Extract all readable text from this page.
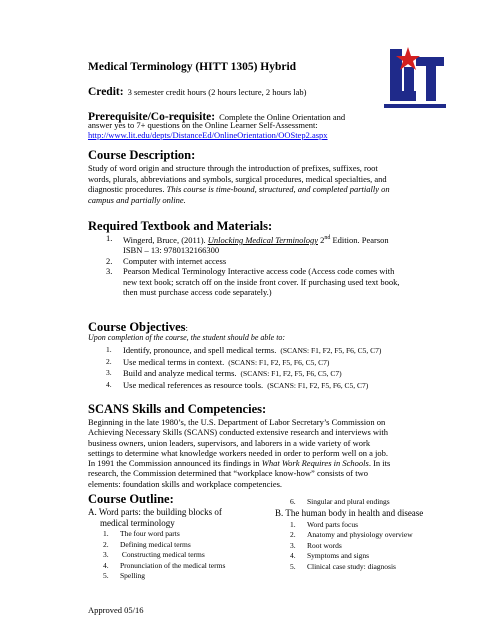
Medical Terminology (HITT 1305) Hybrid
Credit: 3 semester credit hours (2 hours lecture, 2 hours lab)
Prerequisite/Co-requisite: Complete the Online Orientation and
answer yes to 7+ questions on the Online Learner Self-Assessment:
http://www.lit.edu/depts/DistanceEd/OnlineOrientation/OOStep2.aspx
Course Description:
Study of word origin and structure through the introduction of prefixes, suffixes, root
words, plurals, abbreviations and symbols, surgical procedures, medical specialties, and
diagnostic procedures. This course is time-bound, structured, and completed partially on
campus and partially online.
Required Textbook and Materials:
1.	Wingerd, Bruce, (2011). Unlocking Medical Terminology 2nd Edition. Pearson
ISBN – 13: 9780132166300
2.	Computer with internet access
3.	Pearson Medical Terminology Interactive access code (Access code comes with
new text book; scratch off on the inside front cover. If purchasing used text book,
then must purchase access code separately.)
Course Objectives:
Upon completion of the course, the student should be able to:
1.	Identify, pronounce, and spell medical terms.
(SCANS: F1, F2, F5, F6, C5, C7)
2.	Use medical terms in context.
(SCANS: F1, F2, F5, F6, C5, C7)
3.	Build and analyze medical terms.
(SCANS: F1, F2, F5, F6, C5, C7)
4.	Use medical references as resource tools.
(SCANS: F1, F2, F5, F6, C5, C7)
SCANS Skills and Competencies:
Beginning in the late 1980’s, the U.S. Department of Labor Secretary’s Commission on
Achieving Necessary Skills (SCANS) conducted extensive research and interviews with
business owners, union leaders, supervisors, and laborers in a wide variety of work
settings to determine what knowledge workers needed in order to perform well on a job.
In 1991 the Commission announced its findings in What Work Requires in Schools. In its
research, the Commission determined that “workplace know-how” consists of two
elements: foundation skills and workplace competencies.
Course Outline:
A. Word parts: the building blocks of
medical terminology
1.	The four word parts
2.	Defining medical terms
3.	Constructing medical terms
4.	Pronunciation of the medical terms
5.	Spelling
6.	Singular and plural endings
B. The human body in health and disease
1.	Word parts focus
2.	Anatomy and physiology overview
3.	Root words
4.	Symptoms and signs
5.	Clinical case study: diagnosis
Approved 05/16
